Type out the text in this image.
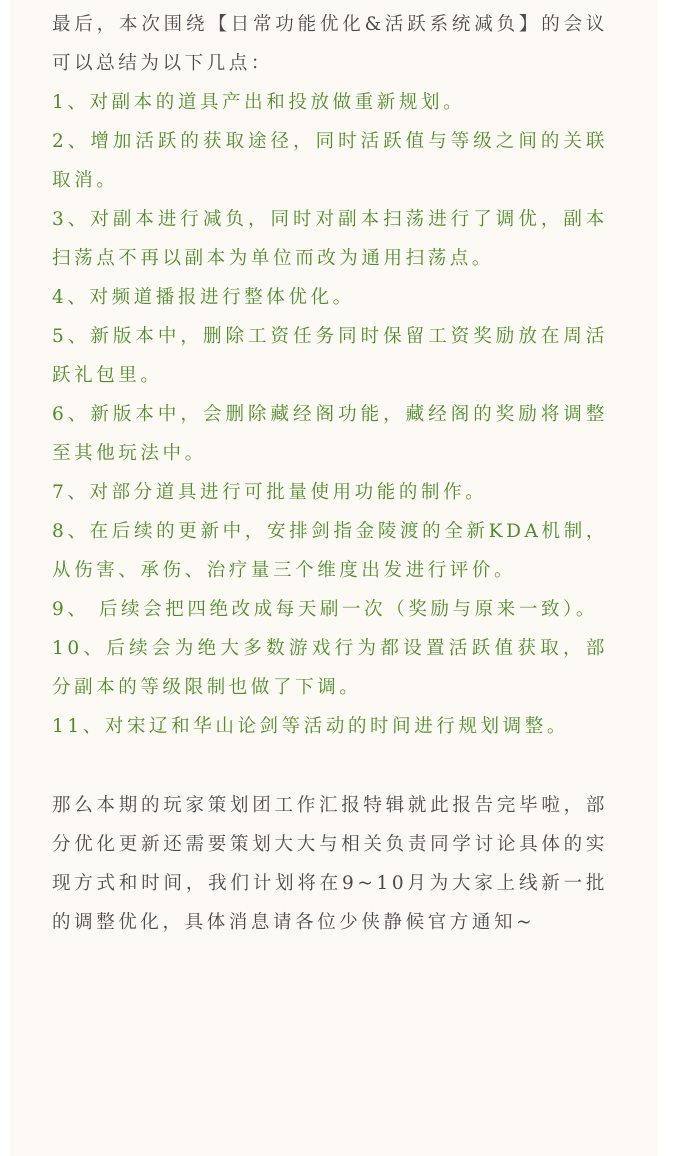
最后，本次围绕【日常功能优化&活跃系统减负】的会议可以总结为以下几点：

1、对副本的道具产出和投放做重新规划。

2、增加活跃的获取途径，同时活跃值与等级之间的关联取消。

3、对副本进行减负，同时对副本扫荡进行了调优，副本扫荡点不再以副本为单位而改为通用扫荡点。

4、对频道播报进行整体优化。

5、新版本中，删除工资任务同时保留工资奖励放在周活跃礼包里。

6、新版本中，会删除藏经阁功能，藏经阁的奖励将调整至其他玩法中。

7、对部分道具进行可批量使用功能的制作。

8、在后续的更新中，安排剑指金陵渡的全新KDA机制，从伤害、承伤、治疗量三个维度出发进行评价。

9、 后续会把四绝改成每天刷一次（奖励与原来一致）。

10、后续会为绝大多数游戏行为都设置活跃值获取，部分副本的等级限制也做了下调。

11、对宋辽和华山论剑等活动的时间进行规划调整。

那么本期的玩家策划团工作汇报特辑就此报告完毕啦，部分优化更新还需要策划大大与相关负责同学讨论具体的实现方式和时间，我们计划将在9~10月为大家上线新一批的调整优化，具体消息请各位少侠静候官方通知~
